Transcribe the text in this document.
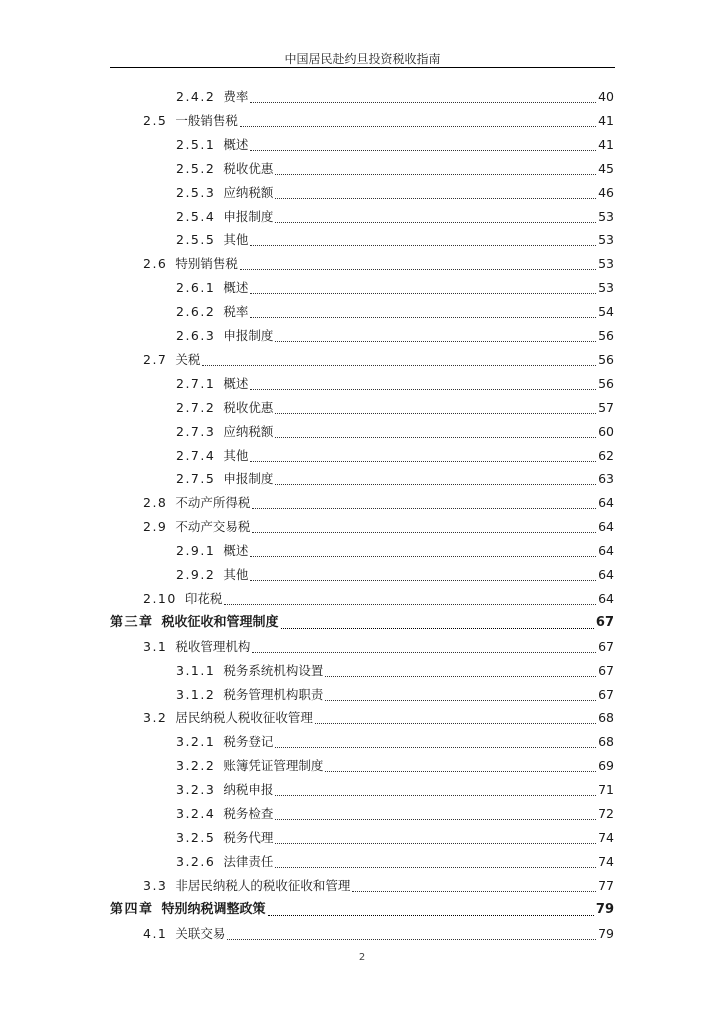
中国居民赴约旦投资税收指南
2.4.2 费率	40
2.5 一般销售税	41
2.5.1 概述	41
2.5.2 税收优惠	45
2.5.3 应纳税额	46
2.5.4 申报制度	53
2.5.5 其他	53
2.6 特别销售税	53
2.6.1 概述	53
2.6.2 税率	54
2.6.3 申报制度	56
2.7 关税	56
2.7.1 概述	56
2.7.2 税收优惠	57
2.7.3 应纳税额	60
2.7.4 其他	62
2.7.5 申报制度	63
2.8 不动产所得税	64
2.9 不动产交易税	64
2.9.1 概述	64
2.9.2 其他	64
2.10 印花税	64
第三章 税收征收和管理制度	67
3.1 税收管理机构	67
3.1.1 税务系统机构设置	67
3.1.2 税务管理机构职责	67
3.2 居民纳税人税收征收管理	68
3.2.1 税务登记	68
3.2.2 账簿凭证管理制度	69
3.2.3 纳税申报	71
3.2.4 税务检查	72
3.2.5 税务代理	74
3.2.6 法律责任	74
3.3 非居民纳税人的税收征收和管理	77
第四章 特别纳税调整政策	79
4.1 关联交易	79
2
